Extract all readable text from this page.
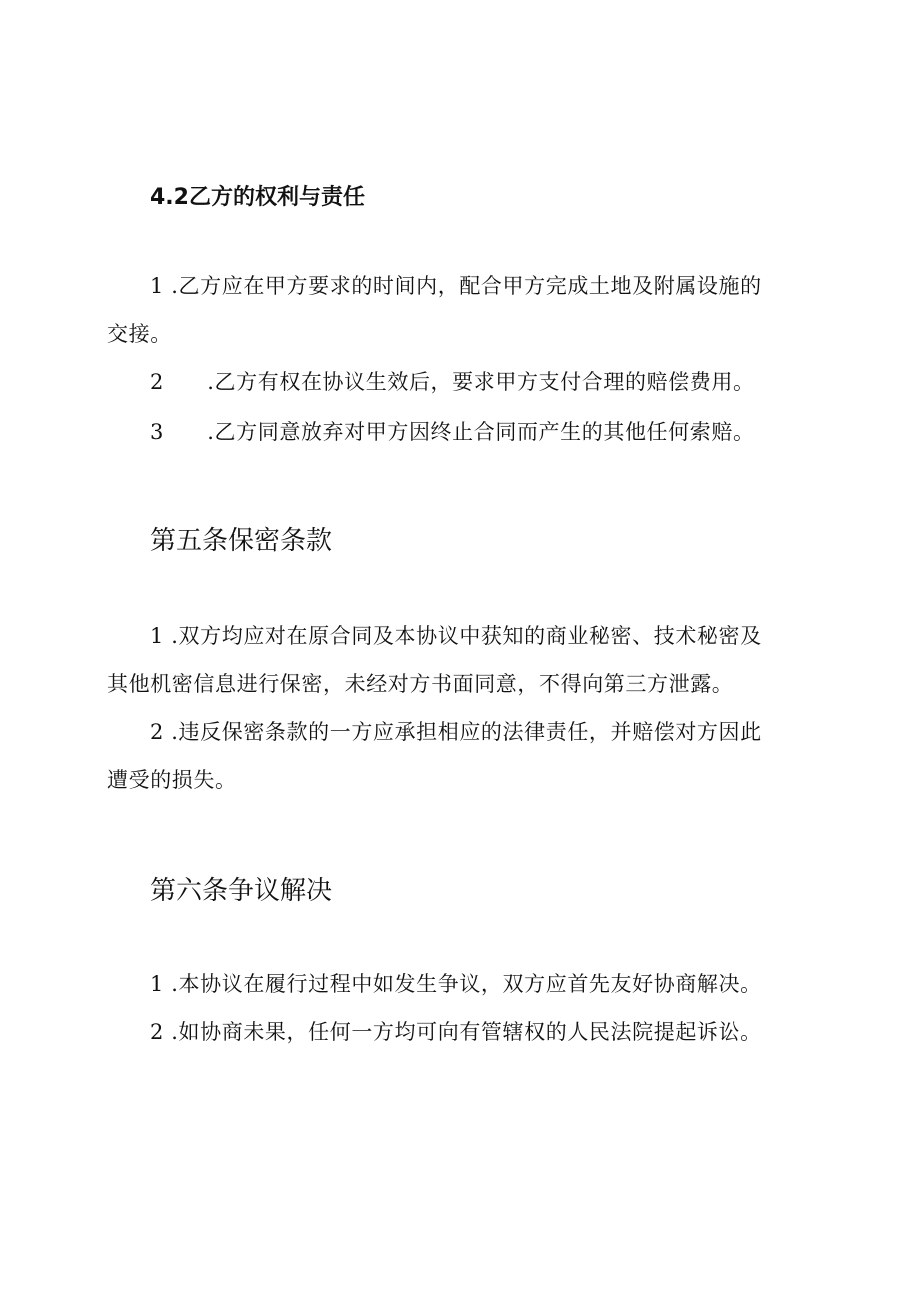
4.2乙方的权利与责任
1 .乙方应在甲方要求的时间内，配合甲方完成土地及附属设施的
交接。
2 .乙方有权在协议生效后，要求甲方支付合理的赔偿费用。
3 .乙方同意放弃对甲方因终止合同而产生的其他任何索赔。
第五条保密条款
1 .双方均应对在原合同及本协议中获知的商业秘密、技术秘密及
其他机密信息进行保密，未经对方书面同意，不得向第三方泄露。
2 .违反保密条款的一方应承担相应的法律责任，并赔偿对方因此
遭受的损失。
第六条争议解决
1 .本协议在履行过程中如发生争议，双方应首先友好协商解决。
2 .如协商未果，任何一方均可向有管辖权的人民法院提起诉讼。
